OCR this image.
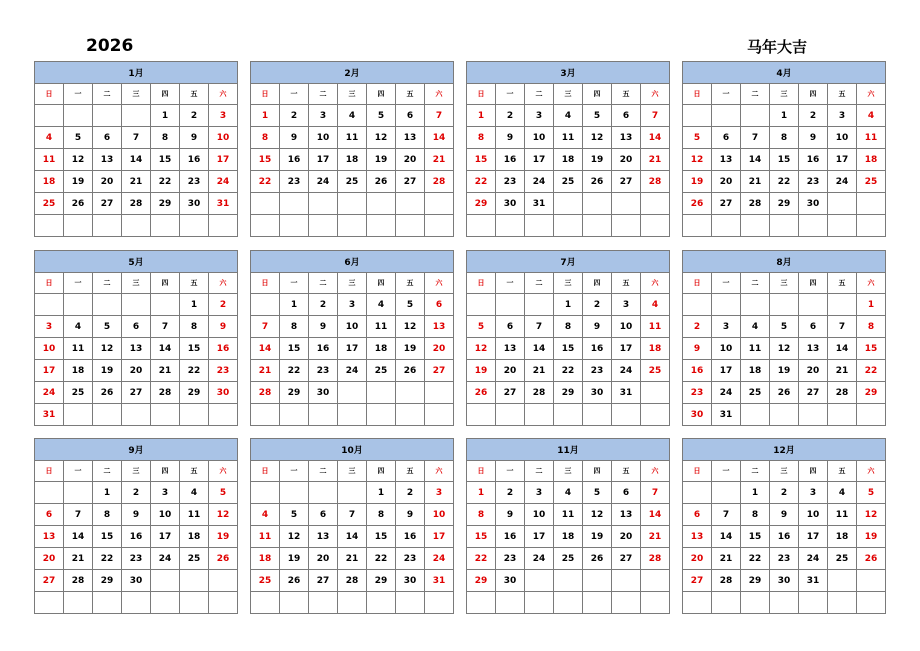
2026	马年大吉
1月						
日	一	二	三	四	五	六
				1	2	3
4	5	6	7	8	9	10
11	12	13	14	15	16	17
18	19	20	21	22	23	24
25	26	27	28	29	30	31

2月						
日	一	二	三	四	五	六
1	2	3	4	5	6	7
8	9	10	11	12	13	14
15	16	17	18	19	20	21
22	23	24	25	26	27	28

3月						
日	一	二	三	四	五	六
1	2	3	4	5	6	7
8	9	10	11	12	13	14
15	16	17	18	19	20	21
22	23	24	25	26	27	28
29	30	31				

4月						
日	一	二	三	四	五	六
			1	2	3	4
5	6	7	8	9	10	11
12	13	14	15	16	17	18
19	20	21	22	23	24	25
26	27	28	29	30		

5月						
日	一	二	三	四	五	六
					1	2
3	4	5	6	7	8	9
10	11	12	13	14	15	16
17	18	19	20	21	22	23
24	25	26	27	28	29	30
31						
6月						
日	一	二	三	四	五	六
	1	2	3	4	5	6
7	8	9	10	11	12	13
14	15	16	17	18	19	20
21	22	23	24	25	26	27
28	29	30				

7月						
日	一	二	三	四	五	六
			1	2	3	4
5	6	7	8	9	10	11
12	13	14	15	16	17	18
19	20	21	22	23	24	25
26	27	28	29	30	31	

8月						
日	一	二	三	四	五	六
						1
2	3	4	5	6	7	8
9	10	11	12	13	14	15
16	17	18	19	20	21	22
23	24	25	26	27	28	29
30	31					
9月						
日	一	二	三	四	五	六
		1	2	3	4	5
6	7	8	9	10	11	12
13	14	15	16	17	18	19
20	21	22	23	24	25	26
27	28	29	30			

10月						
日	一	二	三	四	五	六
				1	2	3
4	5	6	7	8	9	10
11	12	13	14	15	16	17
18	19	20	21	22	23	24
25	26	27	28	29	30	31

11月						
日	一	二	三	四	五	六
1	2	3	4	5	6	7
8	9	10	11	12	13	14
15	16	17	18	19	20	21
22	23	24	25	26	27	28
29	30					

12月						
日	一	二	三	四	五	六
		1	2	3	4	5
6	7	8	9	10	11	12
13	14	15	16	17	18	19
20	21	22	23	24	25	26
27	28	29	30	31		
